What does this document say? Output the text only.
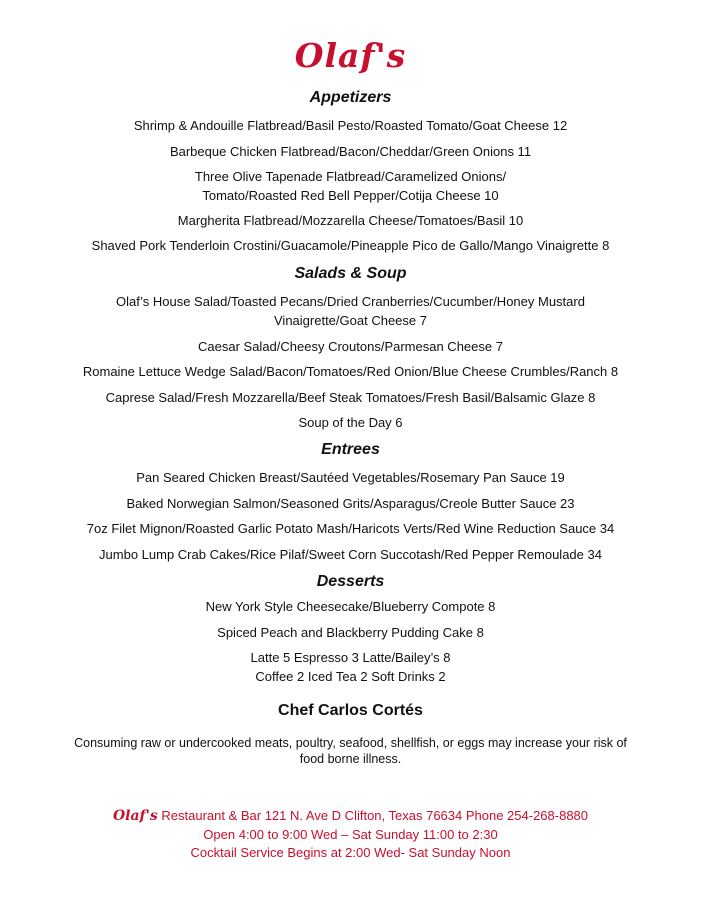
Olaf's
Appetizers
Shrimp & Andouille Flatbread/Basil Pesto/Roasted Tomato/Goat Cheese 12
Barbeque Chicken Flatbread/Bacon/Cheddar/Green Onions 11
Three Olive Tapenade Flatbread/Caramelized Onions/
Tomato/Roasted Red Bell Pepper/Cotija Cheese 10
Margherita Flatbread/Mozzarella Cheese/Tomatoes/Basil 10
Shaved Pork Tenderloin Crostini/Guacamole/Pineapple Pico de Gallo/Mango Vinaigrette 8
Salads & Soup
Olaf’s House Salad/Toasted Pecans/Dried Cranberries/Cucumber/Honey Mustard
Vinaigrette/Goat Cheese 7
Caesar Salad/Cheesy Croutons/Parmesan Cheese 7
Romaine Lettuce Wedge Salad/Bacon/Tomatoes/Red Onion/Blue Cheese Crumbles/Ranch 8
Caprese Salad/Fresh Mozzarella/Beef Steak Tomatoes/Fresh Basil/Balsamic Glaze 8
Soup of the Day 6
Entrees
Pan Seared Chicken Breast/Sautéed Vegetables/Rosemary Pan Sauce 19
Baked Norwegian Salmon/Seasoned Grits/Asparagus/Creole Butter Sauce 23
7oz Filet Mignon/Roasted Garlic Potato Mash/Haricots Verts/Red Wine Reduction Sauce 34
Jumbo Lump Crab Cakes/Rice Pilaf/Sweet Corn Succotash/Red Pepper Remoulade 34
Desserts
New York Style Cheesecake/Blueberry Compote 8
Spiced Peach and Blackberry Pudding Cake 8
Latte 5 Espresso 3 Latte/Bailey’s 8
Coffee 2 Iced Tea 2 Soft Drinks 2
Chef Carlos Cortés
Consuming raw or undercooked meats, poultry, seafood, shellfish, or eggs may increase your risk of
food borne illness.
Olaf's Restaurant & Bar 121 N. Ave D Clifton, Texas 76634 Phone 254-268-8880
Open 4:00 to 9:00 Wed – Sat Sunday 11:00 to 2:30
Cocktail Service Begins at 2:00 Wed- Sat Sunday Noon
